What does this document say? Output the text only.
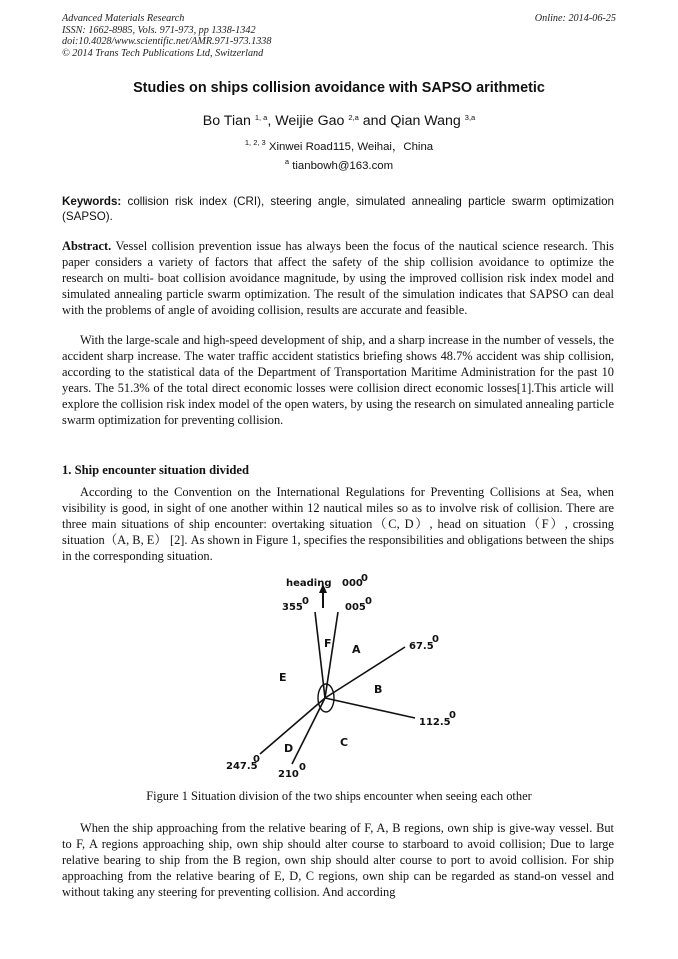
Advanced Materials Research
ISSN: 1662-8985, Vols. 971-973, pp 1338-1342
doi:10.4028/www.scientific.net/AMR.971-973.1338
© 2014 Trans Tech Publications Ltd, Switzerland
Online: 2014-06-25
Studies on ships collision avoidance with SAPSO arithmetic
Bo Tian $^{1, a}$, Weijie Gao $^{2,a}$ and Qian Wang $^{3,a}$
$^{1, 2, 3}$ Xinwei Road115, Weihai，China
$^a$ tianbowh@163.com
Keywords: collision risk index (CRI), steering angle, simulated annealing particle swarm optimization (SAPSO).

Abstract. Vessel collision prevention issue has always been the focus of the nautical science research. This paper considers a variety of factors that affect the safety of the ship collision avoidance to optimize the research on multi- boat collision avoidance magnitude, by using the improved collision risk index model and simulated annealing particle swarm optimization. The result of the simulation indicates that SAPSO can deal with the problems of angle of avoiding collision, results are accurate and feasible.

With the large-scale and high-speed development of ship, and a sharp increase in the number of vessels, the accident sharp increase. The water traffic accident statistics briefing shows 48.7% accident was ship collision, according to the statistical data of the Department of Transportation Maritime Administration for the past 10 years. The 51.3% of the total direct economic losses were collision direct economic losses[1].This article will explore the collision risk index model of the open waters, by using the research on simulated annealing particle swarm optimization for preventing collision.

1. Ship encounter situation divided

According to the Convention on the International Regulations for Preventing Collisions at Sea, when visibility is good, in sight of one another within 12 nautical miles so as to involve risk of collision. There are three main situations of ship encounter: overtaking situation（C, D）, head on situation（F）, crossing situation（A, B, E） [2]. As shown in Figure 1, specifies the responsibilities and obligations between the ships in the corresponding situation.

heading 000
0
355
0
005
0
67.5
0
112.5
0
247.5
0
210
0
F A
B
C
D
E
Figure 1 Situation division of the two ships encounter when seeing each other

When the ship approaching from the relative bearing of F, A, B regions, own ship is give-way vessel. But to F, A regions approaching ship, own ship should alter course to starboard to avoid collision; Due to large relative bearing to ship from the B region, own ship should alter course to port to avoid collision. For ship approaching from the relative bearing of E, D, C regions, own ship can be regarded as stand-on vessel and without taking any steering for preventing collision. And according
